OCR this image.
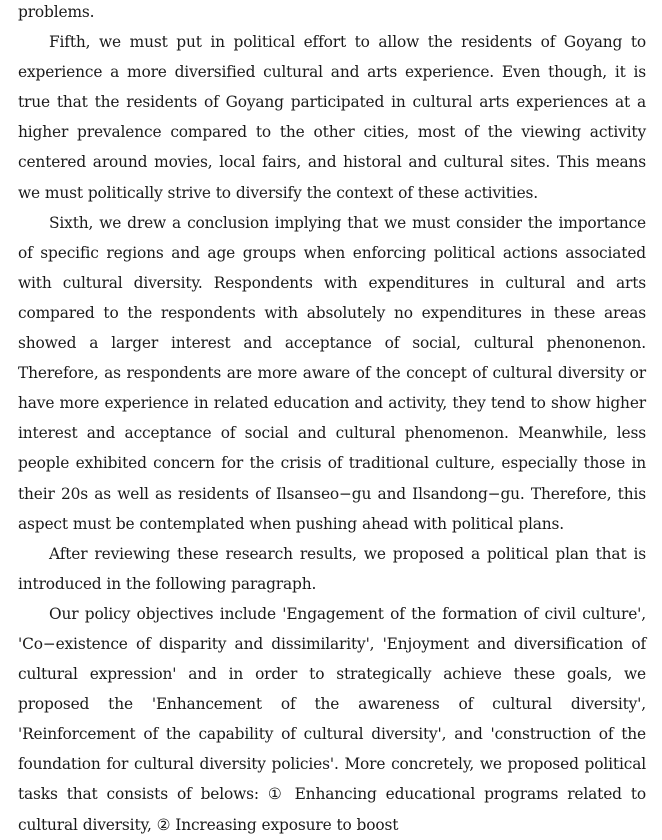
problems.

Fifth, we must put in political effort to allow the residents of Goyang to experience a more diversified cultural and arts experience. Even though, it is true that the residents of Goyang participated in cultural arts experiences at a higher prevalence compared to the other cities, most of the viewing activity centered around movies, local fairs, and historal and cultural sites. This means we must politically strive to diversify the context of these activities.

Sixth, we drew a conclusion implying that we must consider the importance of specific regions and age groups when enforcing political actions associated with cultural diversity. Respondents with expenditures in cultural and arts compared to the respondents with absolutely no expenditures in these areas showed a larger interest and acceptance of social, cultural phenonenon. Therefore, as respondents are more aware of the concept of cultural diversity or have more experience in related education and activity, they tend to show higher interest and acceptance of social and cultural phenomenon. Meanwhile, less people exhibited concern for the crisis of traditional culture, especially those in their 20s as well as residents of Ilsanseo−gu and Ilsandong−gu. Therefore, this aspect must be contemplated when pushing ahead with political plans.

After reviewing these research results, we proposed a political plan that is introduced in the following paragraph.

Our policy objectives include 'Engagement of the formation of civil culture', 'Co−existence of disparity and dissimilarity', 'Enjoyment and diversification of cultural expression' and in order to strategically achieve these goals, we proposed the 'Enhancement of the awareness of cultural diversity', 'Reinforcement of the capability of cultural diversity', and 'construction of the foundation for cultural diversity policies'. More concretely, we proposed political tasks that consists of belows: ① Enhancing educational programs related to cultural diversity, ② Increasing exposure to boost
